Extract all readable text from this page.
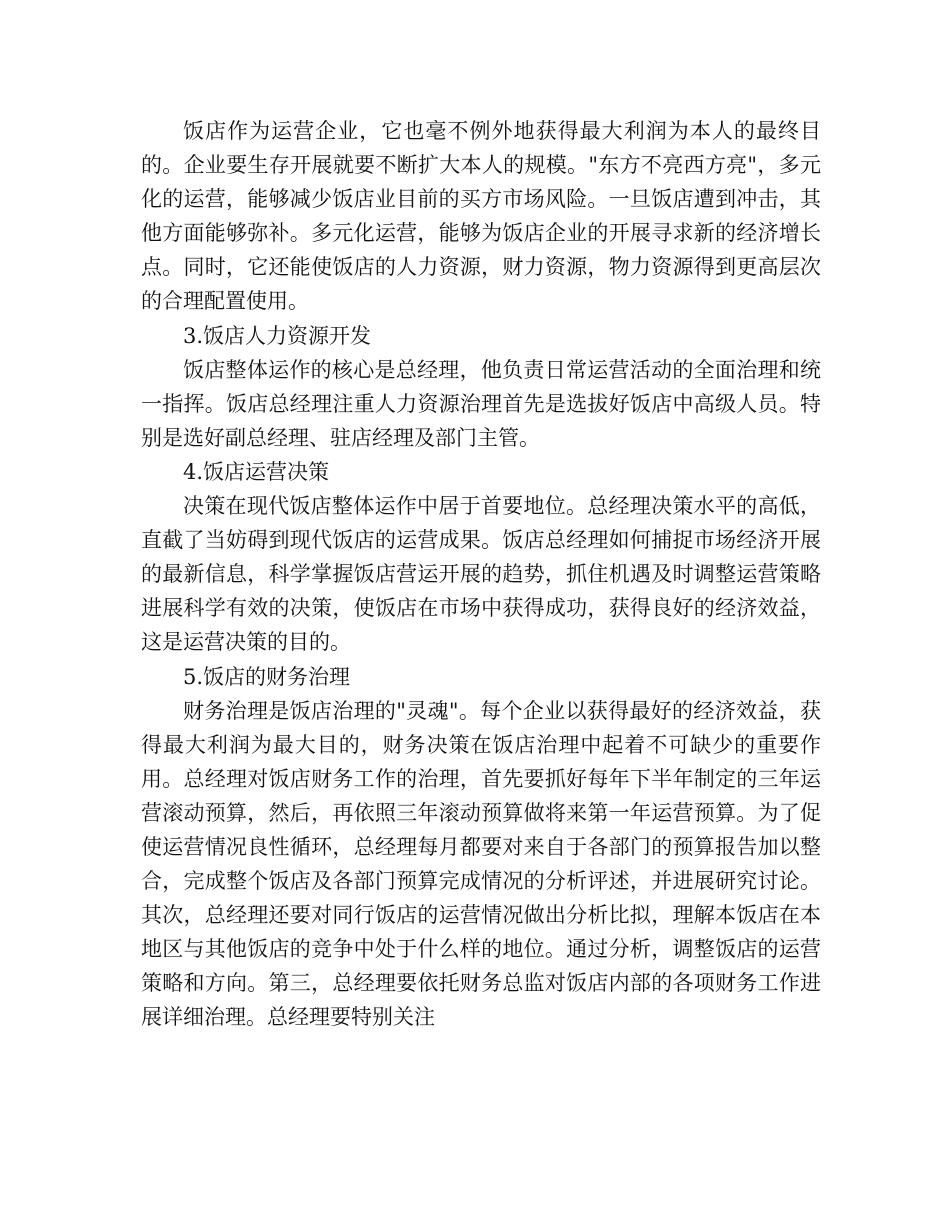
饭店作为运营企业，它也毫不例外地获得最大利润为本人的最终目的。企业要生存开展就要不断扩大本人的规模。"东方不亮西方亮"，多元化的运营，能够减少饭店业目前的买方市场风险。一旦饭店遭到冲击，其他方面能够弥补。多元化运营，能够为饭店企业的开展寻求新的经济增长点。同时，它还能使饭店的人力资源，财力资源，物力资源得到更高层次的合理配置使用。

3.饭店人力资源开发

饭店整体运作的核心是总经理，他负责日常运营活动的全面治理和统一指挥。饭店总经理注重人力资源治理首先是选拔好饭店中高级人员。特别是选好副总经理、驻店经理及部门主管。

4.饭店运营决策

决策在现代饭店整体运作中居于首要地位。总经理决策水平的高低，直截了当妨碍到现代饭店的运营成果。饭店总经理如何捕捉市场经济开展的最新信息，科学掌握饭店营运开展的趋势，抓住机遇及时调整运营策略进展科学有效的决策，使饭店在市场中获得成功，获得良好的经济效益，这是运营决策的目的。

5.饭店的财务治理

财务治理是饭店治理的"灵魂"。每个企业以获得最好的经济效益，获得最大利润为最大目的，财务决策在饭店治理中起着不可缺少的重要作用。总经理对饭店财务工作的治理，首先要抓好每年下半年制定的三年运营滚动预算，然后，再依照三年滚动预算做将来第一年运营预算。为了促使运营情况良性循环，总经理每月都要对来自于各部门的预算报告加以整合，完成整个饭店及各部门预算完成情况的分析评述，并进展研究讨论。其次，总经理还要对同行饭店的运营情况做出分析比拟，理解本饭店在本地区与其他饭店的竞争中处于什么样的地位。通过分析，调整饭店的运营策略和方向。第三，总经理要依托财务总监对饭店内部的各项财务工作进展详细治理。总经理要特别关注
